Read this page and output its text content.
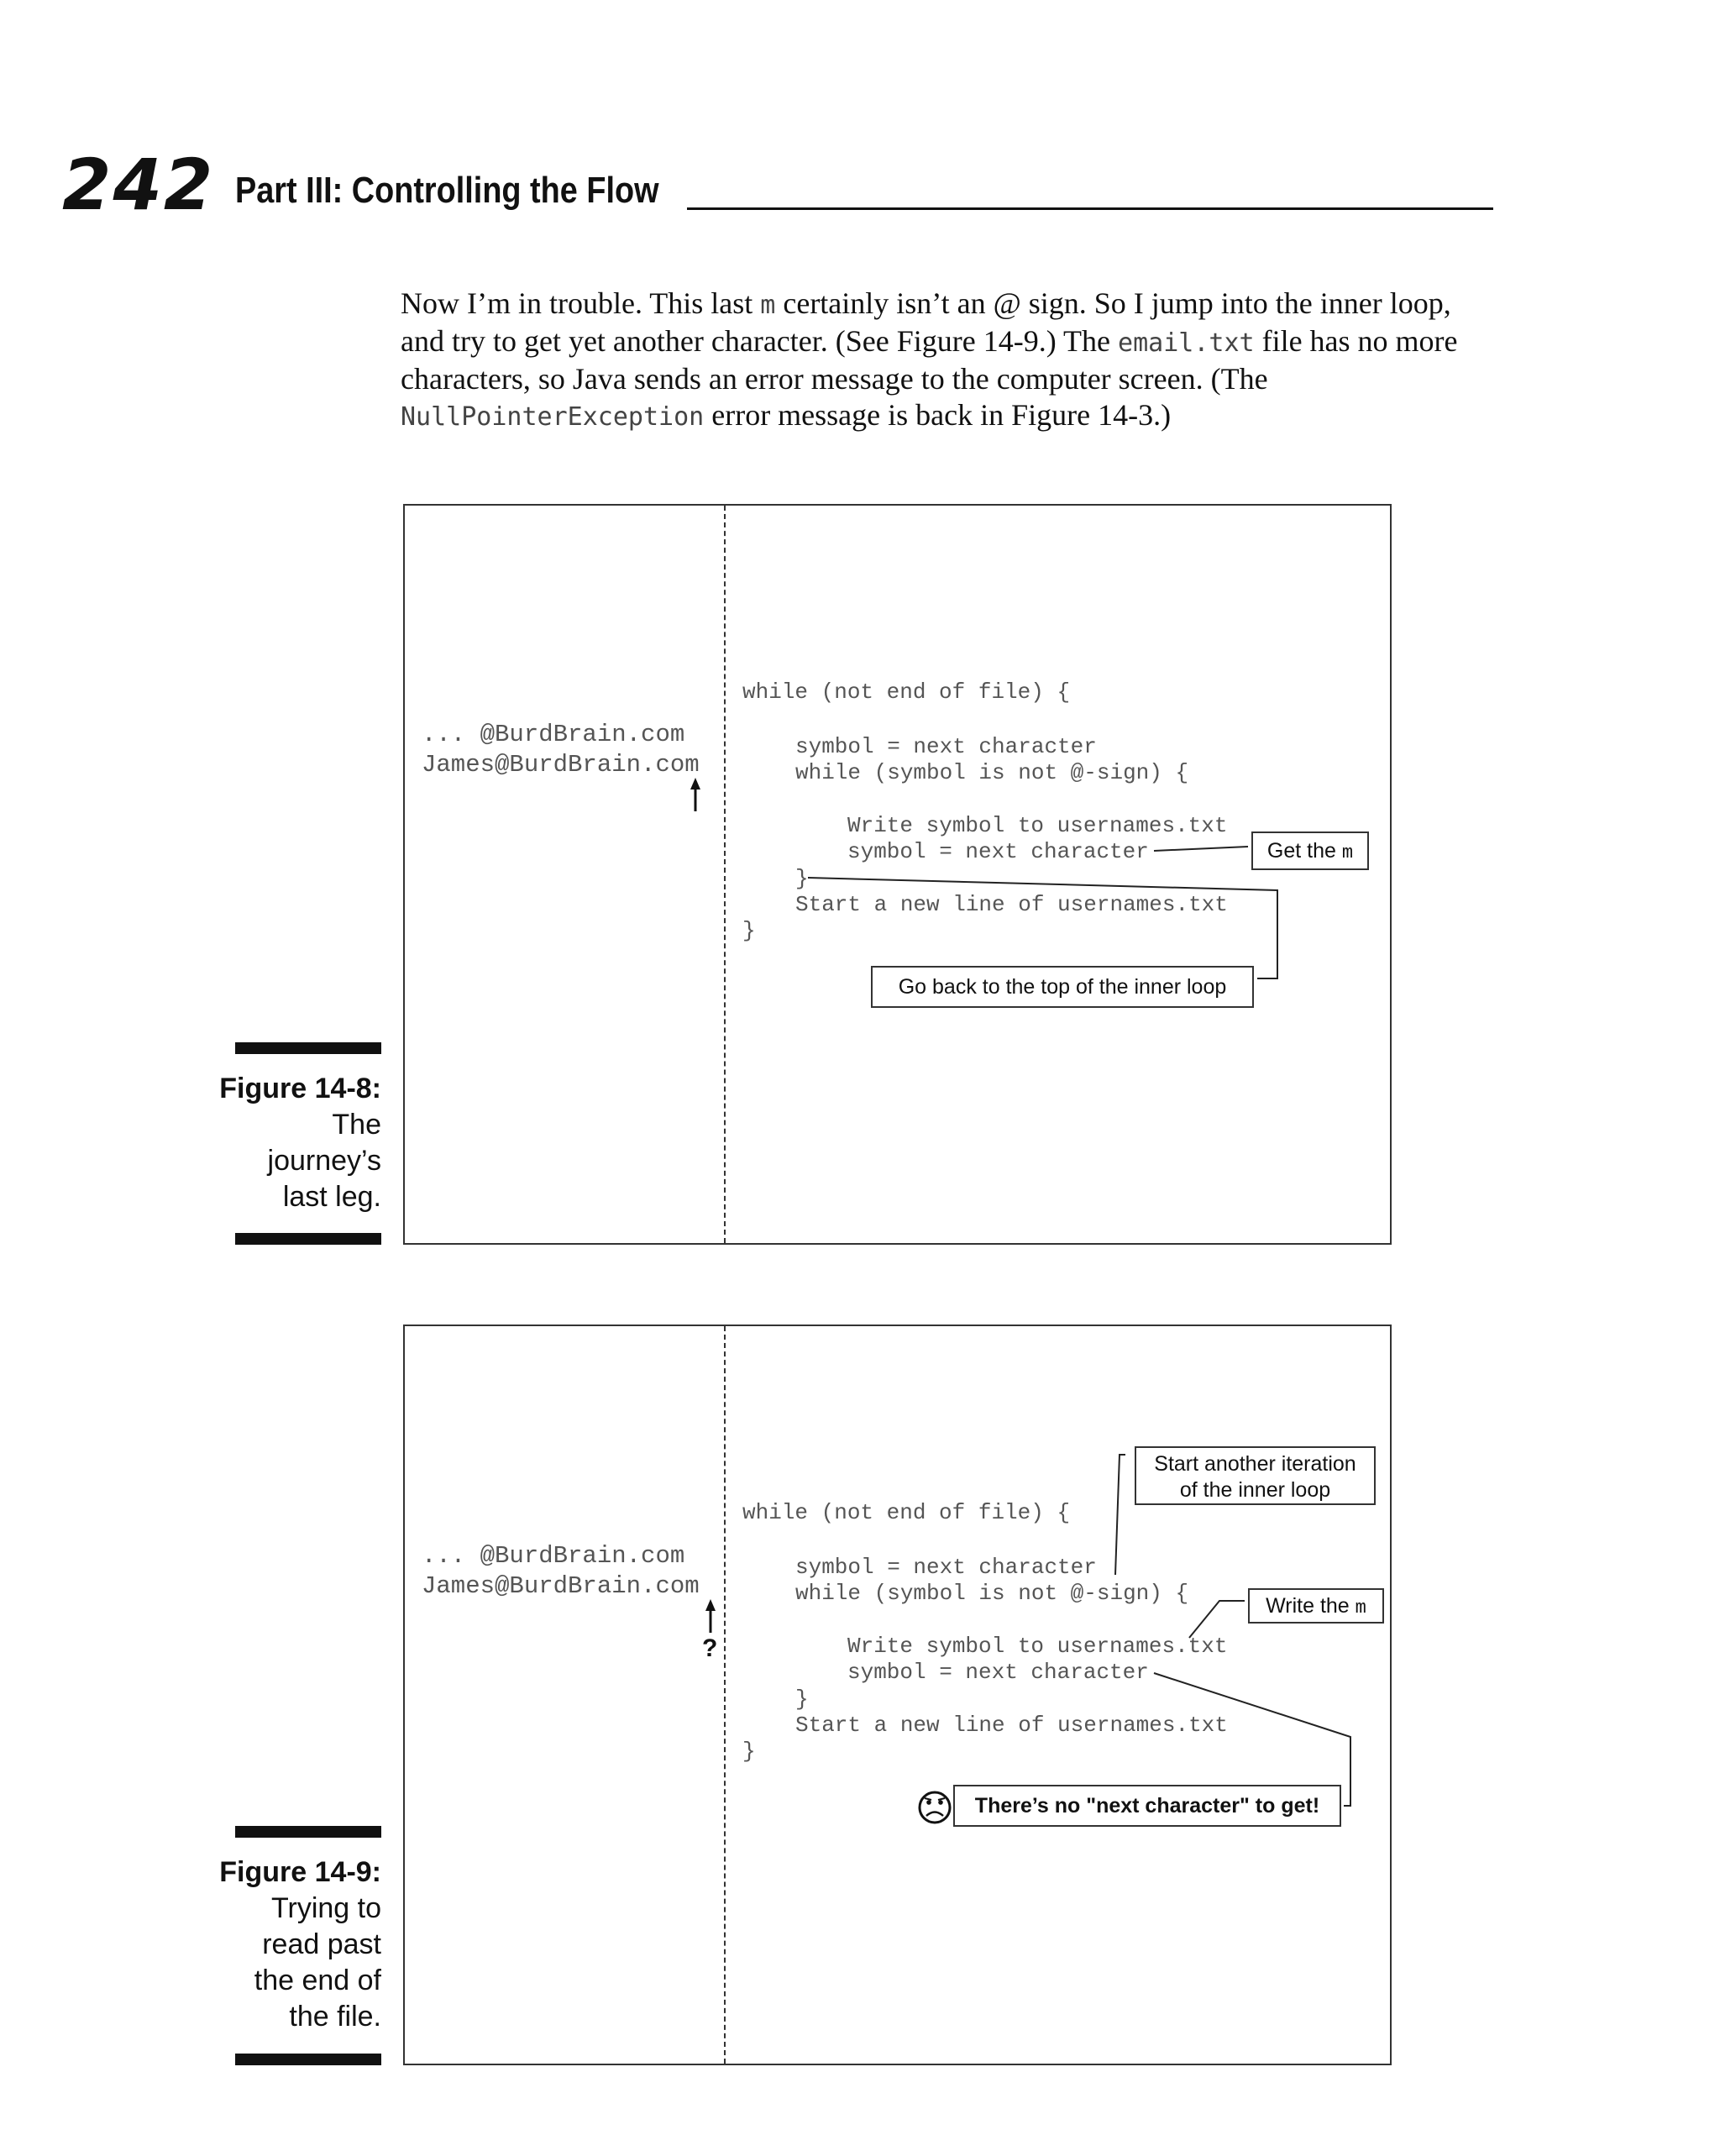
242 Part III: Controlling the Flow

Now I’m in trouble. This last m certainly isn’t an @ sign. So I jump into the inner loop, and try to get yet another character. (See Figure 14-9.) The email.txt file has no more characters, so Java sends an error message to the computer screen. (The NullPointerException error message is back in Figure 14-3.)

... @BurdBrain.com
James@BurdBrain.com
while (not end of file) {
symbol = next character
while (symbol is not @-sign) {
Write symbol to usernames.txt
symbol = next character
}
Start a new line of usernames.txt
}
Get the m
Go back to the top of the inner loop
Figure 14-8:
The
journey’s
last leg.
... @BurdBrain.com
James@BurdBrain.com
?
while (not end of file) {
symbol = next character
while (symbol is not @-sign) {
Write symbol to usernames.txt
symbol = next character
}
Start a new line of usernames.txt
}
Start another iteration
of the inner loop
Write the m
There’s no "next character" to get!
Figure 14-9:
Trying to
read past
the end of
the file.
